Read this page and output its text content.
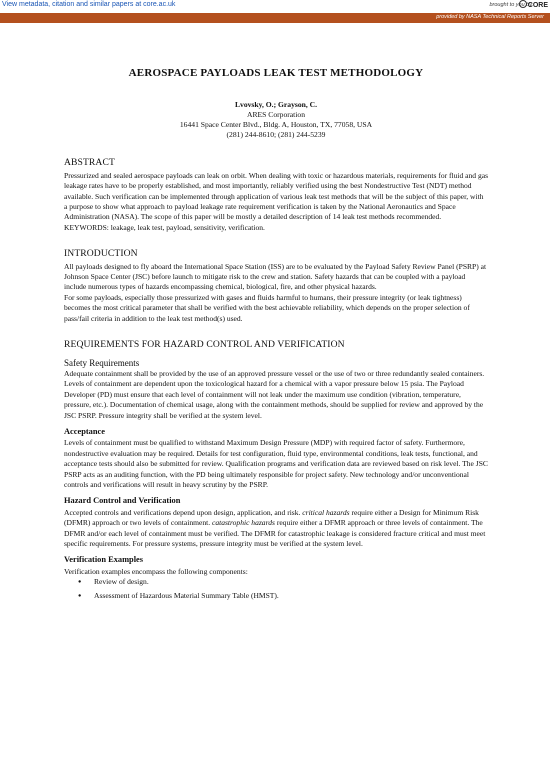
View metadata, citation and similar papers at core.ac.uk	brought to you by
CORE
provided by NASA Technical Reports Server
AEROSPACE PAYLOADS LEAK TEST METHODOLOGY
Lvovsky, O.; Grayson, C.
ARES Corporation
16441 Space Center Blvd., Bldg. A, Houston, TX, 77058, USA
(281) 244-8610; (281) 244-5239
ABSTRACT

Pressurized and sealed aerospace payloads can leak on orbit. When dealing with toxic or hazardous materials, requirements for fluid and gas leakage rates have to be properly established, and most importantly, reliably verified using the best Nondestructive Test (NDT) method available. Such verification can be implemented through application of various leak test methods that will be the subject of this paper, with a purpose to show what approach to payload leakage rate requirement verification is taken by the National Aeronautics and Space Administration (NASA). The scope of this paper will be mostly a detailed description of 14 leak test methods recommended.

KEYWORDS: leakage, leak test, payload, sensitivity, verification.

INTRODUCTION

All payloads designed to fly aboard the International Space Station (ISS) are to be evaluated by the Payload Safety Review Panel (PSRP) at Johnson Space Center (JSC) before launch to mitigate risk to the crew and station. Safety hazards that can be coupled with a payload include numerous types of hazards encompassing chemical, biological, fire, and other physical hazards.

For some payloads, especially those pressurized with gases and fluids harmful to humans, their pressure integrity (or leak tightness) becomes the most critical parameter that shall be verified with the best achievable reliability, which depends on the proper selection of pass/fail criteria in addition to the leak test method(s) used.

REQUIREMENTS FOR HAZARD CONTROL AND VERIFICATION
Safety Requirements

Adequate containment shall be provided by the use of an approved pressure vessel or the use of two or three redundantly sealed containers. Levels of containment are dependent upon the toxicological hazard for a chemical with a vapor pressure below 15 psia. The Payload Developer (PD) must ensure that each level of containment will not leak under the maximum use condition (vibration, temperature, pressure, etc.). Documentation of chemical usage, along with the containment methods, should be supplied for review and approved by the JSC PSRP. Pressure integrity shall be verified at the system level.

Acceptance

Levels of containment must be qualified to withstand Maximum Design Pressure (MDP) with required factor of safety. Furthermore, nondestructive evaluation may be required. Details for test configuration, fluid type, environmental conditions, leak tests, functional, and acceptance tests should also be submitted for review. Qualification programs and verification data are reviewed based on risk level. The JSC PSRP acts as an auditing function, with the PD being ultimately responsible for project safety. New technology and/or unconventional controls and verifications will result in heavy scrutiny by the PSRP.

Hazard Control and Verification

Accepted controls and verifications depend upon design, application, and risk. critical hazards require either a Design for Minimum Risk (DFMR) approach or two levels of containment. catastrophic hazards require either a DFMR approach or three levels of containment. The DFMR and/or each level of containment must be verified. The DFMR for catastrophic leakage is considered fracture critical and must meet specific requirements. For pressure systems, pressure integrity must be verified at the system level.

Verification Examples

Verification examples encompass the following components:

● Review of design.
● Assessment of Hazardous Material Summary Table (HMST).
